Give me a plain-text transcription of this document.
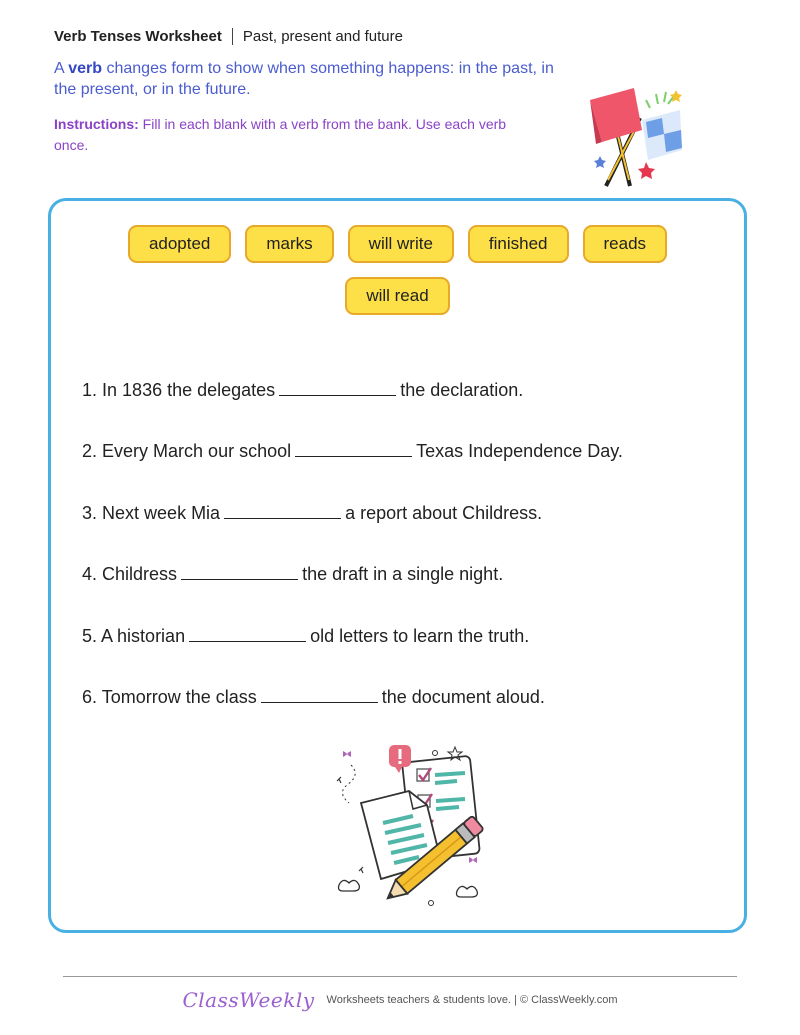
Verb Tenses Worksheet Past, present and future
A verb changes form to show when something happens: in the past, in the present, or in the future.
Instructions: Fill in each blank with a verb from the bank. Use each verb once.
adopted	marks	will write	finished	reads
will read
1. In 1836 the delegates	the declaration.
2. Every March our school	Texas Independence Day.
3. Next week Mia	a report about Childress.
4. Childress	the draft in a single night.
5. A historian	old letters to learn the truth.
6. Tomorrow the class	the document aloud.
ClassWeekly Worksheets teachers & students love. | © ClassWeekly.com
